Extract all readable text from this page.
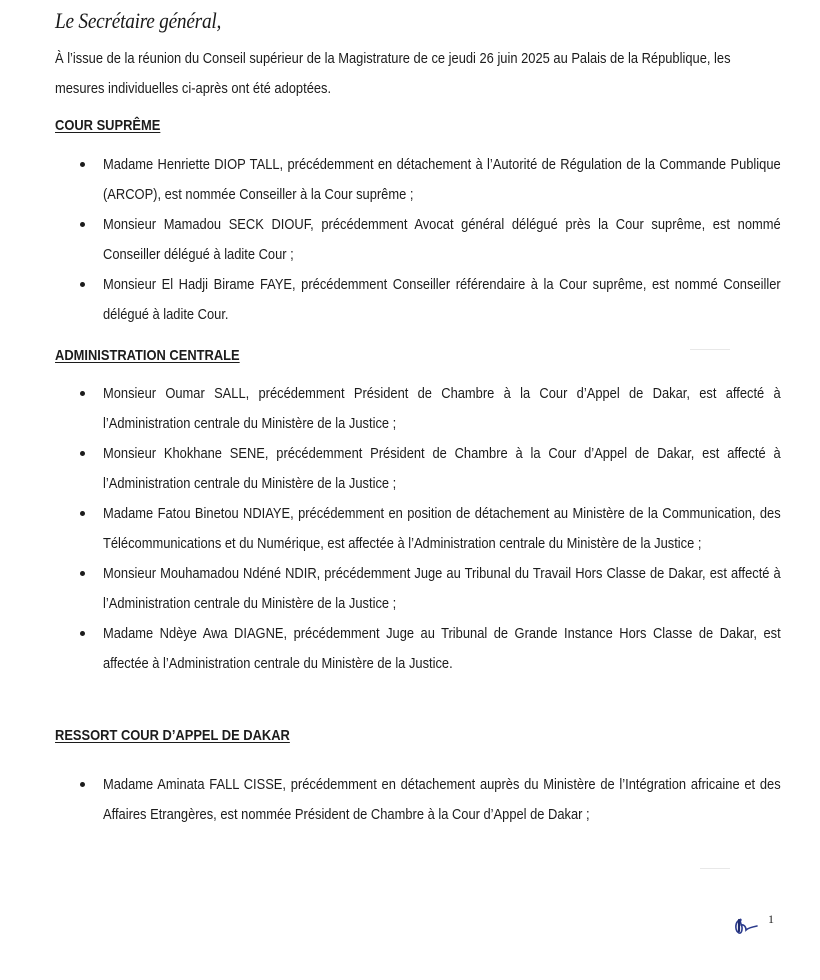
Le Secrétaire général,

À l’issue de la réunion du Conseil supérieur de la Magistrature de ce jeudi 26 juin 2025 au Palais de la République, les mesures individuelles ci-après ont été adoptées.

COUR SUPRÊME
Madame Henriette DIOP TALL, précédemment en détachement à l’Autorité de Régulation de la Commande Publique (ARCOP), est nommée Conseiller à la Cour suprême ;
Monsieur Mamadou SECK DIOUF, précédemment Avocat général délégué près la Cour suprême, est nommé Conseiller délégué à ladite Cour ;
Monsieur El Hadji Birame FAYE, précédemment Conseiller référendaire à la Cour suprême, est nommé Conseiller délégué à ladite Cour.
ADMINISTRATION CENTRALE
Monsieur Oumar SALL, précédemment Président de Chambre à la Cour d’Appel de Dakar, est affecté à l’Administration centrale du Ministère de la Justice ;
Monsieur Khokhane SENE, précédemment Président de Chambre à la Cour d’Appel de Dakar, est affecté à l’Administration centrale du Ministère de la Justice ;
Madame Fatou Binetou NDIAYE, précédemment en position de détachement au Ministère de la Communication, des Télécommunications et du Numérique, est affectée à l’Administration centrale du Ministère de la Justice ;
Monsieur Mouhamadou Ndéné NDIR, précédemment Juge au Tribunal du Travail Hors Classe de Dakar, est affecté à l’Administration centrale du Ministère de la Justice ;
Madame Ndèye Awa DIAGNE, précédemment Juge au Tribunal de Grande Instance Hors Classe de Dakar, est affectée à l’Administration centrale du Ministère de la Justice.
RESSORT COUR D’APPEL DE DAKAR
Madame Aminata FALL CISSE, précédemment en détachement auprès du Ministère de l’Intégration africaine et des Affaires Etrangères, est nommée Président de Chambre à la Cour d’Appel de Dakar ;
1
